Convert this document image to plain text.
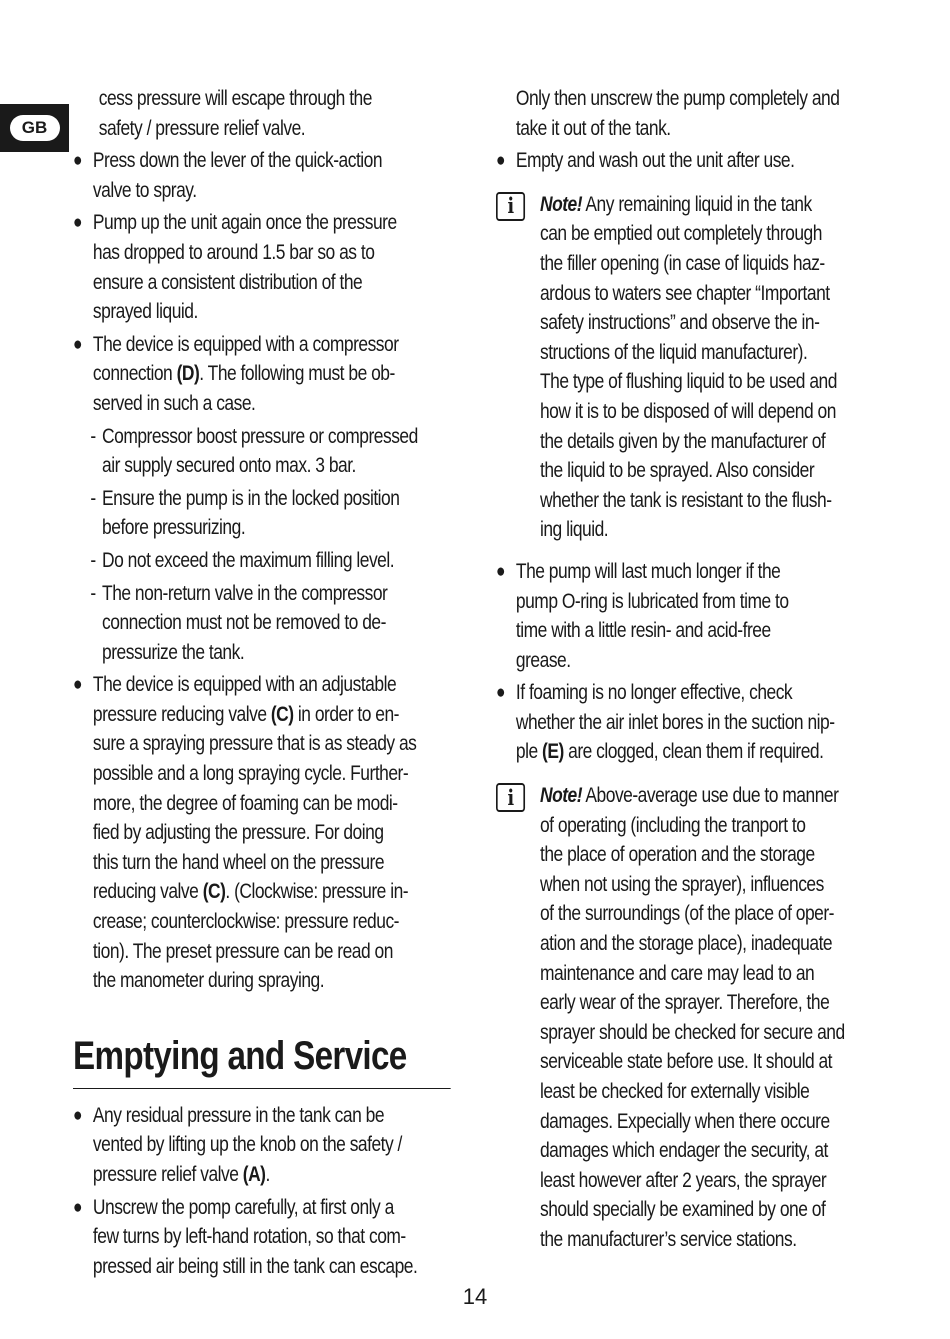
GB
cess pressure will escape through the
safety / pressure relief valve.
● Press down the lever of the quick-action
valve to spray.
● Pump up the unit again once the pressure
has dropped to around 1.5 bar so as to
ensure a consistent distribution of the
sprayed liquid.
● The device is equipped with a compressor
connection (D). The following must be ob-
served in such a case.
- Compressor boost pressure or compressed
air supply secured onto max. 3 bar.
- Ensure the pump is in the locked position
before pressurizing.
- Do not exceed the maximum filling level.
- The non-return valve in the compressor
connection must not be removed to de-
pressurize the tank.
● The device is equipped with an adjustable
pressure reducing valve (C) in order to en-
sure a spraying pressure that is as steady as
possible and a long spraying cycle. Further-
more, the degree of foaming can be modi-
fied by adjusting the pressure. For doing
this turn the hand wheel on the pressure
reducing valve (C). (Clockwise: pressure in-
crease; counterclockwise: pressure reduc-
tion). The preset pressure can be read on
the manometer during spraying.
Emptying and Service
● Any residual pressure in the tank can be
vented by lifting up the knob on the safety /
pressure relief valve (A).
● Unscrew the pomp carefully, at first only a
few turns by left-hand rotation, so that com-
pressed air being still in the tank can escape.
Only then unscrew the pump completely and
take it out of the tank.
● Empty and wash out the unit after use.
i	Note! Any remaining liquid in the tank
can be emptied out completely through
the filler opening (in case of liquids haz-
ardous to waters see chapter “Important
safety instructions” and observe the in-
structions of the liquid manufacturer).
The type of flushing liquid to be used and
how it is to be disposed of will depend on
the details given by the manufacturer of
the liquid to be sprayed. Also consider
whether the tank is resistant to the flush-
ing liquid.
● The pump will last much longer if the
pump O-ring is lubricated from time to
time with a little resin- and acid-free
grease.
● If foaming is no longer effective, check
whether the air inlet bores in the suction nip-
ple (E) are clogged, clean them if required.
i	Note! Above-average use due to manner
of operating (including the tranport to
the place of operation and the storage
when not using the sprayer), influences
of the surroundings (of the place of oper-
ation and the storage place), inadequate
maintenance and care may lead to an
early wear of the sprayer. Therefore, the
sprayer should be checked for secure and
serviceable state before use. It should at
least be checked for externally visible
damages. Expecially when there occure
damages which endager the security, at
least however after 2 years, the sprayer
should specially be examined by one of
the manufacturer’s service stations.
14
